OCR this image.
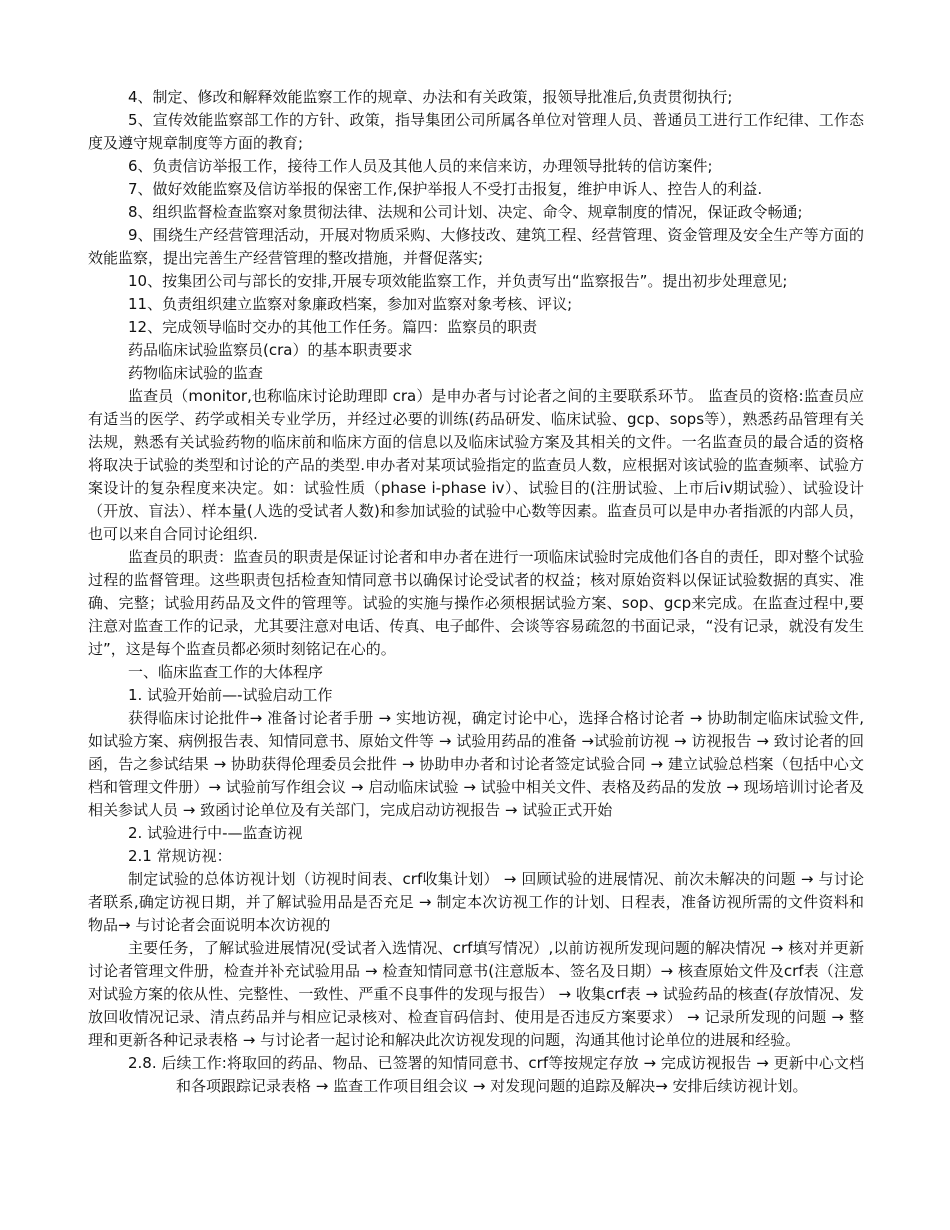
4、制定、修改和解释效能监察工作的规章、办法和有关政策，报领导批准后,负责贯彻执行;

5、宣传效能监察部工作的方针、政策，指导集团公司所属各单位对管理人员、普通员工进行工作纪律、工作态度及遵守规章制度等方面的教育;

6、负责信访举报工作，接待工作人员及其他人员的来信来访，办理领导批转的信访案件;

7、做好效能监察及信访举报的保密工作,保护举报人不受打击报复，维护申诉人、控告人的利益.

8、组织监督检查监察对象贯彻法律、法规和公司计划、决定、命令、规章制度的情况，保证政令畅通;

9、围绕生产经营管理活动，开展对物质采购、大修技改、建筑工程、经营管理、资金管理及安全生产等方面的效能监察，提出完善生产经营管理的整改措施，并督促落实;

10、按集团公司与部长的安排,开展专项效能监察工作，并负责写出“监察报告”。提出初步处理意见;

11、负责组织建立监察对象廉政档案，参加对监察对象考核、评议;

12、完成领导临时交办的其他工作任务。篇四：监察员的职责

药品临床试验监察员(cra）的基本职责要求

药物临床试验的监查

监查员（monitor,也称临床讨论助理即 cra）是申办者与讨论者之间的主要联系环节。 监查员的资格:监查员应有适当的医学、药学或相关专业学历，并经过必要的训练(药品研发、临床试验、gcp、sops等），熟悉药品管理有关法规，熟悉有关试验药物的临床前和临床方面的信息以及临床试验方案及其相关的文件。一名监查员的最合适的资格将取决于试验的类型和讨论的产品的类型.申办者对某项试验指定的监查员人数，应根据对该试验的监查频率、试验方案设计的复杂程度来决定。如：试验性质（phase i-phase iv）、试验目的(注册试验、上市后iv期试验）、试验设计（开放、盲法）、样本量(人选的受试者人数)和参加试验的试验中心数等因素。监查员可以是申办者指派的内部人员，也可以来自合同讨论组织.

监查员的职责：监查员的职责是保证讨论者和申办者在进行一项临床试验时完成他们各自的责任，即对整个试验过程的监督管理。这些职责包括检查知情同意书以确保讨论受试者的权益；核对原始资料以保证试验数据的真实、准确、完整；试验用药品及文件的管理等。试验的实施与操作必须根据试验方案、sop、gcp来完成。在监查过程中,要注意对监查工作的记录，尤其要注意对电话、传真、电子邮件、会谈等容易疏忽的书面记录，“没有记录，就没有发生过”，这是每个监查员都必须时刻铭记在心的。

一、临床监查工作的大体程序

1. 试验开始前—-试验启动工作

获得临床讨论批件→ 准备讨论者手册 → 实地访视，确定讨论中心，选择合格讨论者 → 协助制定临床试验文件,如试验方案、病例报告表、知情同意书、原始文件等 → 试验用药品的准备 →试验前访视 → 访视报告 → 致讨论者的回函，告之参试结果 → 协助获得伦理委员会批件 → 协助申办者和讨论者签定试验合同 → 建立试验总档案（包括中心文档和管理文件册）→ 试验前写作组会议 → 启动临床试验 → 试验中相关文件、表格及药品的发放 → 现场培训讨论者及相关参试人员 → 致函讨论单位及有关部门，完成启动访视报告 → 试验正式开始

2. 试验进行中-—监查访视

2.1 常规访视：

制定试验的总体访视计划（访视时间表、crf收集计划） → 回顾试验的进展情况、前次未解决的问题 → 与讨论者联系,确定访视日期，并了解试验用品是否充足 → 制定本次访视工作的计划、日程表，准备访视所需的文件资料和物品→ 与讨论者会面说明本次访视的

主要任务，了解试验进展情况(受试者入选情况、crf填写情况）,以前访视所发现问题的解决情况 → 核对并更新讨论者管理文件册，检查并补充试验用品 → 检查知情同意书(注意版本、签名及日期）→ 核查原始文件及crf表（注意对试验方案的依从性、完整性、一致性、严重不良事件的发现与报告） → 收集crf表 → 试验药品的核查(存放情况、发放回收情况记录、清点药品并与相应记录核对、检查盲码信封、使用是否违反方案要求） → 记录所发现的问题 → 整理和更新各种记录表格 → 与讨论者一起讨论和解决此次访视发现的问题，沟通其他讨论单位的进展和经验。

2.8. 后续工作:将取回的药品、物品、已签署的知情同意书、crf等按规定存放 → 完成访视报告 → 更新中心文档和各项跟踪记录表格 → 监查工作项目组会议 → 对发现问题的追踪及解决→ 安排后续访视计划。
